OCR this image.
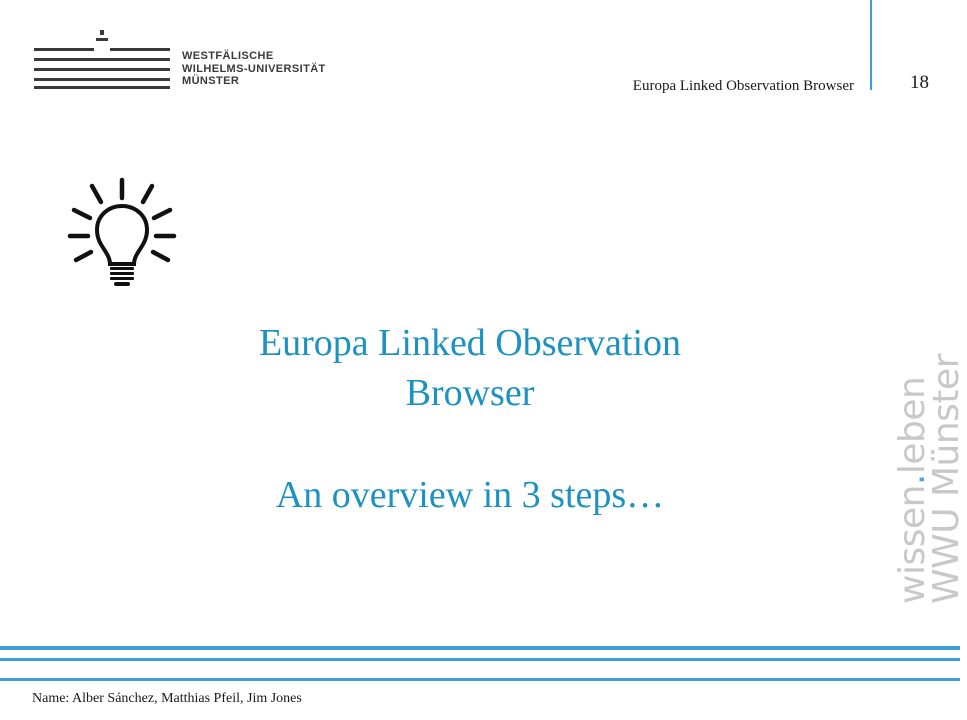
WESTFÄLISCHE
WILHELMS-UNIVERSITÄT
MÜNSTER	Europa Linked Observation Browser	18
Europa Linked Observation
Browser
An overview in 3 steps…	wissen.leben
WWU Münster
Name: Alber Sánchez, Matthias Pfeil, Jim Jones
